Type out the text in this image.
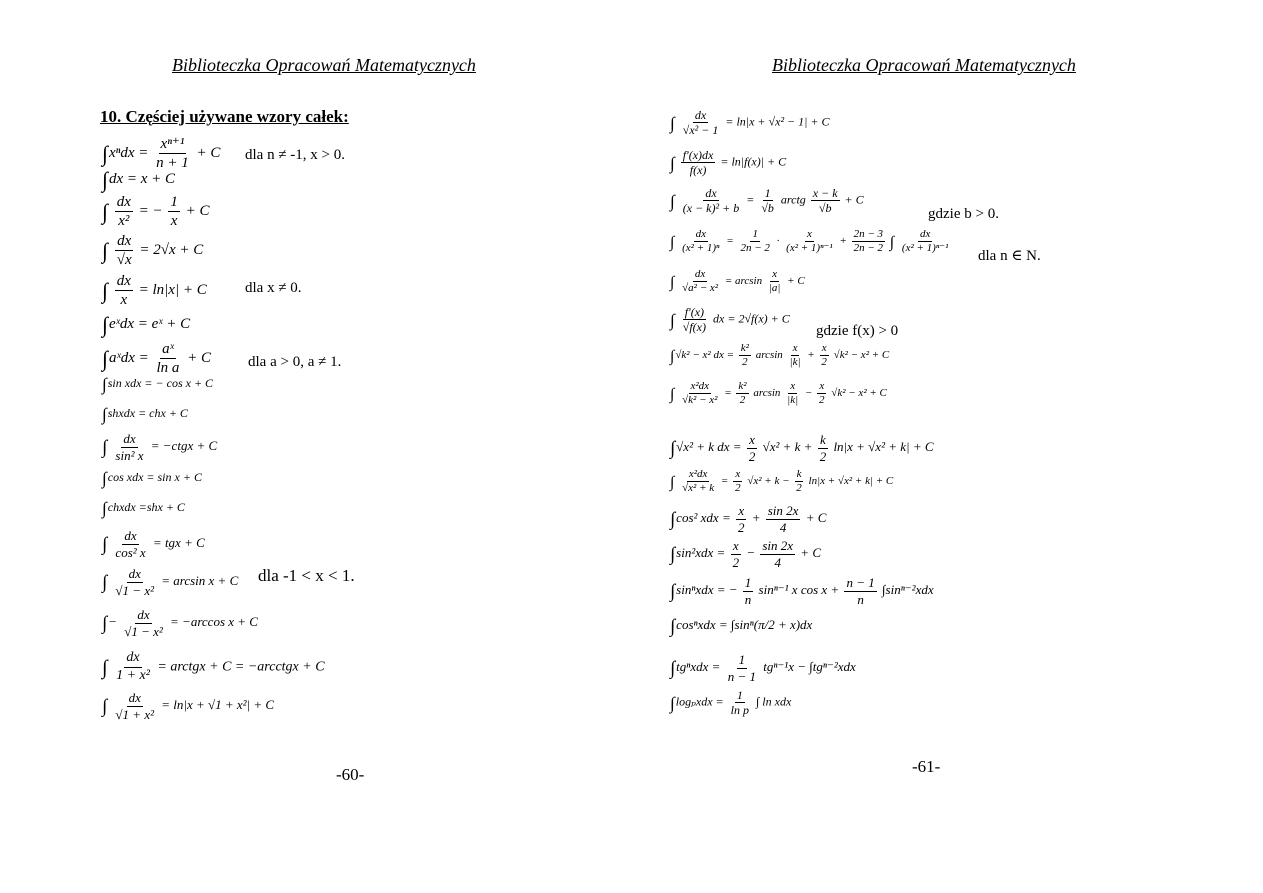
Biblioteczka Opracowań Matematycznych
10. Częściej używane wzory całek:
$\int x^ndx = \frac{\text{xⁿ⁺¹}}{n + 1} + C$ dla n ≠ -1, x > 0.
∫dx = x + C
∫ $\frac{dx}{\text{x²}}$ = − $\frac{1}{x} + C$
∫ $\frac{dx}{√x} = 2√x + C$
∫ $\frac{dx}{x} = \ln|x| + C$	dla x ≠ 0.
∫eˣdx = eˣ + C
∫aˣdx = $\frac{\text{aˣ}}{\text{ln a}} + C$ dla a > 0, a ≠ 1.
∫sin xdx = − cos x + C
∫shxdx = chx + C
∫ $\frac{dx}{\text{sin² x}}$ = −ctgx + C
∫cos xdx = sin x + C
∫chxdx =shx + C
∫ $\frac{dx}{\text{cos² x}}$ = tgx + C
∫ $\frac{dx}{\text{√1 − x²}} = \arcsin x + C$ dla -1 < x < 1.
∫− $\frac{dx}{\text{√1 − x²}} = -\arccos$ x + C
∫ $\frac{dx}{\text{1 + x²}}$ = arctgx + C = −arcctgx + C
∫ $\frac{dx}{\text{√1 + x²}} = \ln|x + √1 + x^2| + C$
-60-
Biblioteczka Opracowań Matematycznych
∫ $\frac{dx}{\text{√x² − 1}} = \ln|x + √x^2 - 1| + C$
∫ $\frac{f'(x)dx}{f(x)} = \ln|f(x)| + C$
∫ $\frac{dx}{\text{(x − k)² + b}} = \frac{1}{√b}$ arctg $\frac{x - k}{√b} + C$
gdzie b > 0.
∫ $\frac{dx}{\text{(x² + 1)ⁿ}} = \frac{1}{2n - 2} \cdot \frac{x}{\text{(x² + 1)ⁿ⁻¹}} + \frac{2n - 3}{2n - 2}$ ∫ $\frac{dx}{\text{(x² + 1)ⁿ⁻¹}}$
dla n ∈ N.
∫ $\frac{dx}{\text{√a² − x²}} = \arcsin \frac{x}{|a|} + C$
∫ $\frac{f'(x)}{√f(x)}$ dx = 2√f(x) + C
gdzie f(x) > 0
∫√k² − x² dx = $\frac{\text{k²}}{2}$ $\arcsin \frac{x}{|k|} + \frac{x}{2} √k^2 - x^2 + C$
∫ $\frac{\text{x²dx}}{\text{√k² − x²}} = \frac{\text{k²}}{2}$ $\arcsin \frac{x}{|k|} - \frac{x}{2} √k^2 - x^2 + C$
∫√x² + k dx = $\frac{x}{2} √x^2 + k + \frac{k}{2} \ln|x + √x^2 + k| + C$
∫ $\frac{\text{x²dx}}{\text{√x² + k}} = \frac{x}{2} √x^2 + k - \frac{k}{2} \ln|x + √x^2 + k| + C$
∫cos² xdx = $\frac{x}{2} + \frac{\sin 2x}{4} + C$
$\int\sin^2xdx = \frac{x}{2} - \frac{\sin 2x}{4} + C$
∫sinⁿxdx = − $\frac{1}{n} \sin^{n-1}$ x $\cos x + \frac{n - 1}{n} \int\sin^{n-2}xdx$
∫cosⁿxdx = ∫sinⁿ(π/2 + x)dx
$\int tg^nxdx = \frac{1}{n - 1} tg^{n-1}x - \int tg^{n-2}xdx$
$\int\log_pxdx = \frac{1}{\text{ln p}}$ ∫ ln xdx
-61-
